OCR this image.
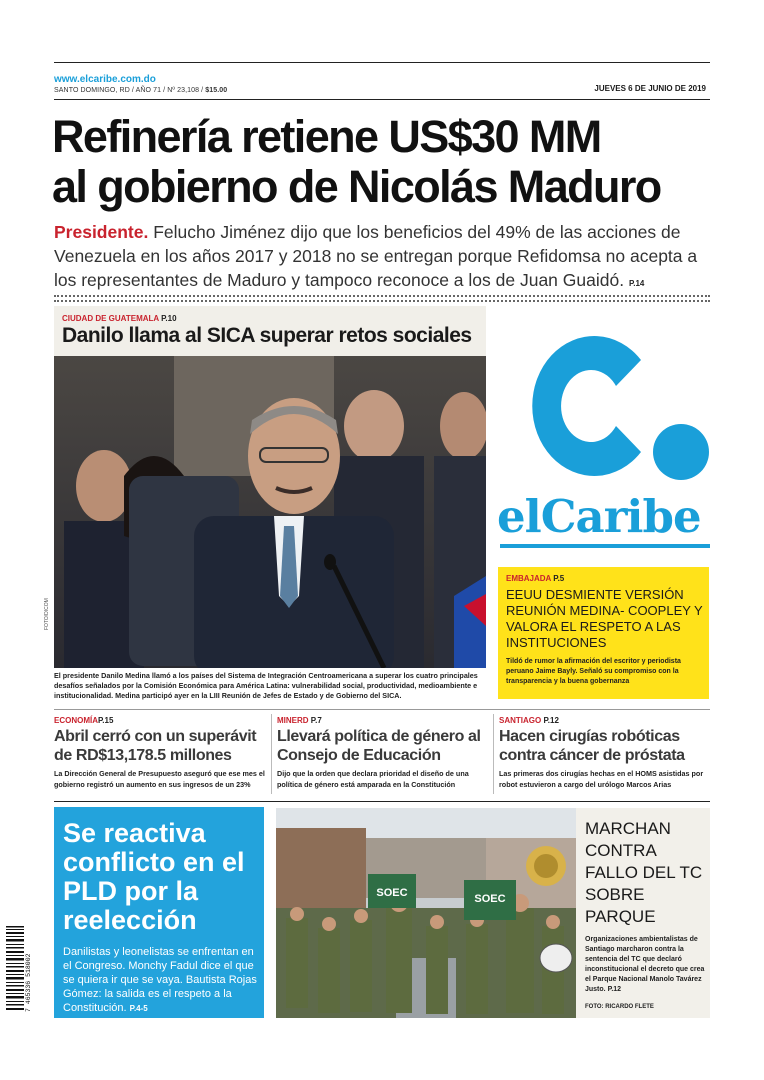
www.elcaribe.com.do
SANTO DOMINGO, RD / AÑO 71 / Nº 23,108 / $15.00	JUEVES 6 DE JUNIO DE 2019
Refinería retiene US$30 MM
al gobierno de Nicolás Maduro

Presidente. Felucho Jiménez dijo que los beneficios del 49% de las acciones de Venezuela en los años 2017 y 2018 no se entregan porque Refidomsa no acepta a los representantes de Maduro y tampoco reconoce a los de Juan Guaidó. P.14

CIUDAD DE GUATEMALA P.10
Danilo llama al SICA superar retos sociales
FOTO/DICOM

El presidente Danilo Medina llamó a los países del Sistema de Integración Centroamericana a superar los cuatro principales desafíos señalados por la Comisión Económica para América Latina: vulnerabilidad social, productividad, medioambiente e institucionalidad. Medina participó ayer en la LIII Reunión de Jefes de Estado y de Gobierno del SICA.

elCaribe
EMBAJADA P.5

EEUU DESMIENTE VERSIÓN REUNIÓN MEDINA- COOPLEY Y VALORA EL RESPETO A LAS INSTITUCIONES

Tildó de rumor la afirmación del escritor y periodista peruano Jaime Bayly. Señaló su compromiso con la transparencia y la buena gobernanza

ECONOMÍAP.15

Abril cerró con un superávit de RD$13,178.5 millones

La Dirección General de Presupuesto aseguró que ese mes el gobierno registró un aumento en sus ingresos de un 23%

MINERD P.7

Llevará política de género al Consejo de Educación

Dijo que la orden que declara prioridad el diseño de una política de género está amparada en la Constitución

SANTIAGO P.12

Hacen cirugías robóticas contra cáncer de próstata

Las primeras dos cirugías hechas en el HOMS asistidas por robot estuvieron a cargo del urólogo Marcos Arias

Se reactiva conflicto en el PLD por la reelección

Danilistas y leonelistas se enfrentan en el Congreso. Monchy Fadul dice el que se quiera ir que se vaya. Bautista Rojas Gómez: la salida es el respeto a la Constitución. P.4-5

SOEC	SOEC

MARCHAN CONTRA FALLO DEL TC SOBRE PARQUE

Organizaciones ambientalistas de Santiago marcharon contra la sentencia del TC que declaró inconstitucional el decreto que crea el Parque Nacional Manolo Tavárez Justo. P.12

FOTO: RICARDO FLETE
7 465336 518002
